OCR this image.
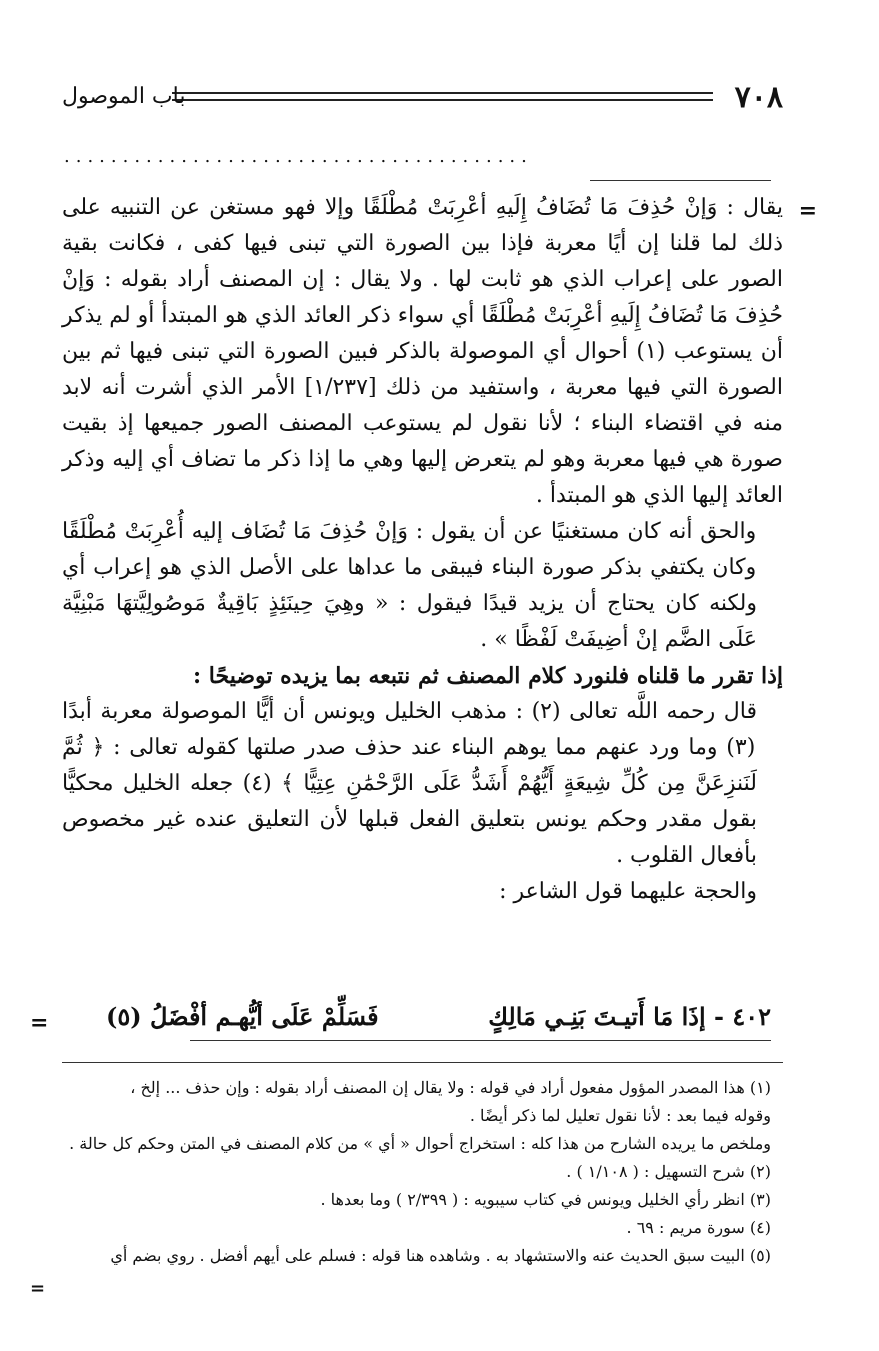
٧٠٨
باب الموصول
........................................
=

يقال : وَإنْ حُذِفَ مَا تُضَافُ إِلَيهِ أعْرِبَتْ مُطْلَقًا وإلا فهو مستغن عن التنبيه على ذلك لما قلنا إن أيًا معربة فإذا بين الصورة التي تبنى فيها كفى ، فكانت بقية الصور على إعراب الذي هو ثابت لها . ولا يقال : إن المصنف أراد بقوله : وَإنْ حُذِفَ مَا تُضَافُ إِلَيهِ أعْرِبَتْ مُطْلَقًا أي سواء ذكر العائد الذي هو المبتدأ أو لم يذكر أن يستوعب (١) أحوال أي الموصولة بالذكر فبين الصورة التي تبنى فيها ثم بين الصورة التي فيها معربة ، واستفيد من ذلك [١/٢٣٧] الأمر الذي أشرت أنه لابد منه في اقتضاء البناء ؛ لأنا نقول لم يستوعب المصنف الصور جميعها إذ بقيت صورة هي فيها معربة وهو لم يتعرض إليها وهي ما إذا ذكر ما تضاف أي إليه وذكر العائد إليها الذي هو المبتدأ .

والحق أنه كان مستغنيًا عن أن يقول : وَإنْ حُذِفَ مَا تُضَاف إليه أُعْرِبَتْ مُطْلَقًا وكان يكتفي بذكر صورة البناء فيبقى ما عداها على الأصل الذي هو إعراب أي ولكنه كان يحتاج أن يزيد قيدًا فيقول : « وهِيَ حِينَئِذٍ بَاقِيةٌ مَوصُولِيَّتهَا مَبْنِيَّة عَلَى الضَّم إنْ أضِيفَتْ لَفْظًا » .

إذا تقرر ما قلناه فلنورد كلام المصنف ثم نتبعه بما يزيده توضيحًا :

قال رحمه اللَّه تعالى (٢) : مذهب الخليل ويونس أن أيًّا الموصولة معربة أبدًا (٣) وما ورد عنهم مما يوهم البناء عند حذف صدر صلتها كقوله تعالى : ﴿ ثُمَّ لَنَنزِعَنَّ مِن كُلِّ شِيعَةٍ أَيُّهُمْ أَشَدُّ عَلَى الرَّحْمَٰنِ عِتِيًّا ﴾ (٤) جعله الخليل محكيًّا بقول مقدر وحكم يونس بتعليق الفعل قبلها لأن التعليق عنده غير مخصوص بأفعال القلوب .

والحجة عليهما قول الشاعر :

٤٠٢ - إذَا مَا أَتيـتَ بَنِـي مَالِكٍ
فَسَلِّمْ عَلَى أيُّهـم أفْضَلُ (٥)
=
(١) هذا المصدر المؤول مفعول أراد في قوله : ولا يقال إن المصنف أراد بقوله : وإن حذف ... إلخ ،
وقوله فيما بعد : لأنا نقول تعليل لما ذكر أيضًا .
وملخص ما يريده الشارح من هذا كله : استخراج أحوال « أي » من كلام المصنف في المتن وحكم كل حالة .
(٢) شرح التسهيل : ( ١/١٠٨ ) .
(٣) انظر رأي الخليل ويونس في كتاب سيبويه : ( ٢/٣٩٩ ) وما بعدها .
(٤) سورة مريم : ٦٩ .
(٥) البيت سبق الحديث عنه والاستشهاد به . وشاهده هنا قوله : فسلم على أيهم أفضل . روي بضم أي
=
